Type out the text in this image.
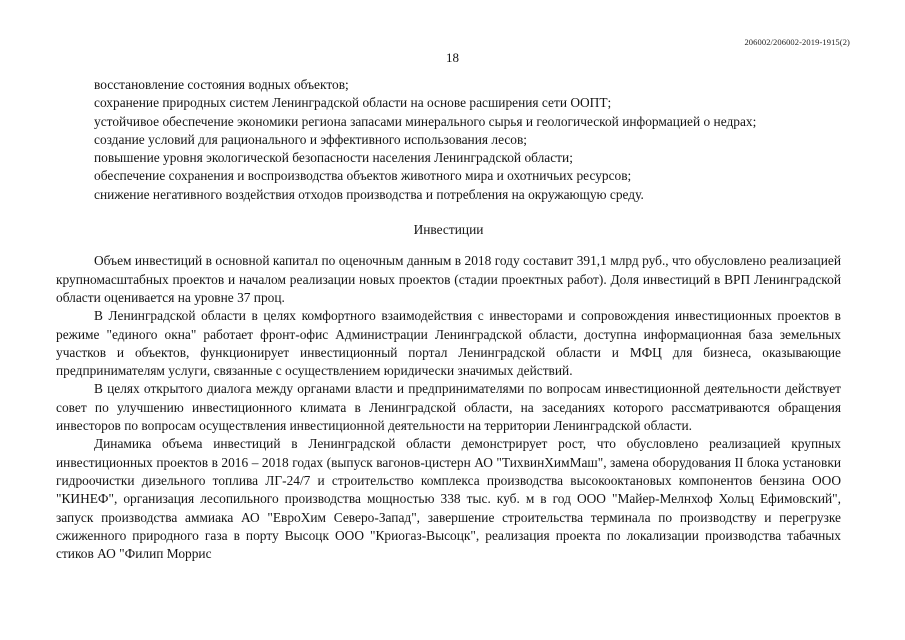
206002/206002-2019-1915(2)
18

восстановление состояния водных объектов;

сохранение природных систем Ленинградской области на основе расширения сети ООПТ;

устойчивое обеспечение экономики региона запасами минерального сырья и геологической информацией о недрах;

создание условий для рационального и эффективного использования лесов;

повышение уровня экологической безопасности населения Ленинградской области;

обеспечение сохранения и воспроизводства объектов животного мира и охотничьих ресурсов;

снижение негативного воздействия отходов производства и потребления на окружающую среду.

Инвестиции

Объем инвестиций в основной капитал по оценочным данным в 2018 году составит 391,1 млрд руб., что обусловлено реализацией крупномасштабных проектов и началом реализации новых проектов (стадии проектных работ). Доля инвестиций в ВРП Ленинградской области оценивается на уровне 37 проц.

В Ленинградской области в целях комфортного взаимодействия с инвесторами и сопровождения инвестиционных проектов в режиме "единого окна" работает фронт-офис Администрации Ленинградской области, доступна информационная база земельных участков и объектов, функционирует инвестиционный портал Ленинградской области и МФЦ для бизнеса, оказывающие предпринимателям услуги, связанные с осуществлением юридически значимых действий.

В целях открытого диалога между органами власти и предпринимателями по вопросам инвестиционной деятельности действует совет по улучшению инвестиционного климата в Ленинградской области, на заседаниях которого рассматриваются обращения инвесторов по вопросам осуществления инвестиционной деятельности на территории Ленинградской области.

Динамика объема инвестиций в Ленинградской области демонстрирует рост, что обусловлено реализацией крупных инвестиционных проектов в 2016 – 2018 годах (выпуск вагонов-цистерн АО "ТихвинХимМаш", замена оборудования II блока установки гидроочистки дизельного топлива ЛГ-24/7 и строительство комплекса производства высокооктановых компонентов бензина ООО "КИНЕФ", организация лесопильного производства мощностью 338 тыс. куб. м в год ООО "Майер-Мелнхоф Хольц Ефимовский", запуск производства аммиака АО "ЕвроХим Северо-Запад", завершение строительства терминала по производству и перегрузке сжиженного природного газа в порту Высоцк ООО "Криогаз-Высоцк", реализация проекта по локализации производства табачных стиков АО "Филип Моррис
